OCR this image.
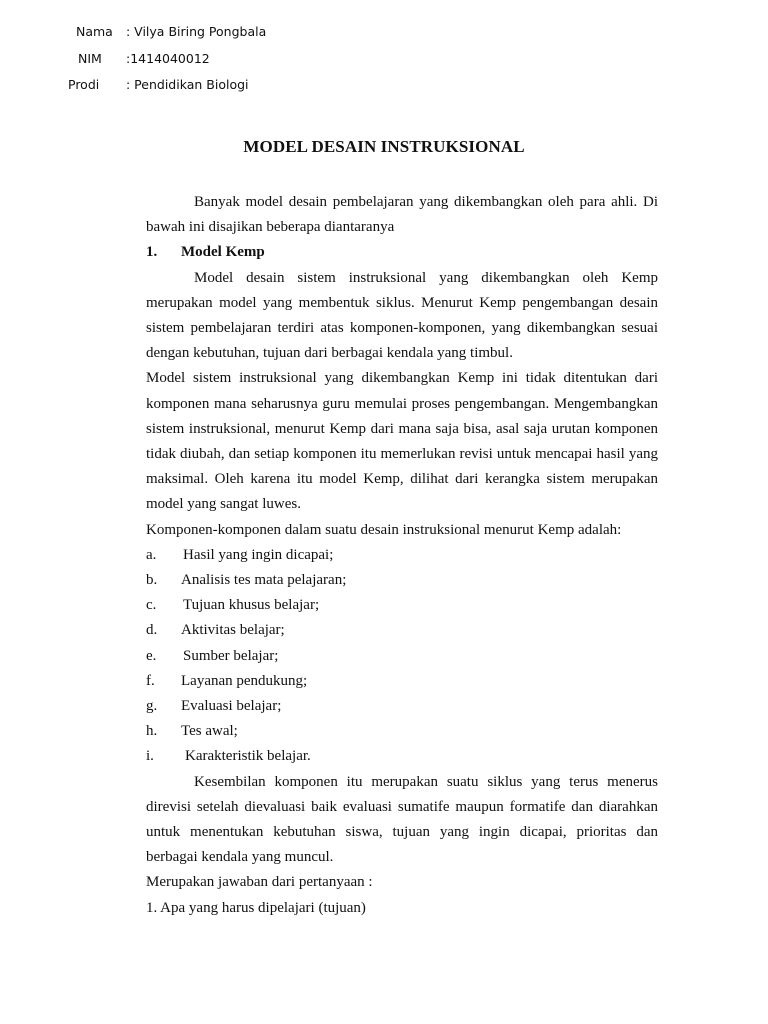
Nama : Vilya Biring Pongbala
NIM :1414040012
Prodi : Pendidikan Biologi
MODEL DESAIN INSTRUKSIONAL

Banyak model desain pembelajaran yang dikembangkan oleh para ahli. Di bawah ini disajikan beberapa diantaranya

1.	Model Kemp

Model desain sistem instruksional yang dikembangkan oleh Kemp merupakan model yang membentuk siklus. Menurut Kemp pengembangan desain sistem pembelajaran terdiri atas komponen-komponen, yang dikembangkan sesuai dengan kebutuhan, tujuan dari berbagai kendala yang timbul.

Model sistem instruksional yang dikembangkan Kemp ini tidak ditentukan dari komponen mana seharusnya guru memulai proses pengembangan. Mengembangkan sistem instruksional, menurut Kemp dari mana saja bisa, asal saja urutan komponen tidak diubah, dan setiap komponen itu memerlukan revisi untuk mencapai hasil yang maksimal. Oleh karena itu model Kemp, dilihat dari kerangka sistem merupakan model yang sangat luwes.

Komponen-komponen dalam suatu desain instruksional menurut Kemp adalah:

a.	Hasil yang ingin dicapai;
b.	Analisis tes mata pelajaran;
c.	Tujuan khusus belajar;
d.	Aktivitas belajar;
e.	Sumber belajar;
f.	Layanan pendukung;
g.	Evaluasi belajar;
h.	Tes awal;
i.	Karakteristik belajar.

Kesembilan komponen itu merupakan suatu siklus yang terus menerus direvisi setelah dievaluasi baik evaluasi sumatife maupun formatife dan diarahkan untuk menentukan kebutuhan siswa, tujuan yang ingin dicapai, prioritas dan berbagai kendala yang muncul.

Merupakan jawaban dari pertanyaan :

1. Apa yang harus dipelajari (tujuan)
